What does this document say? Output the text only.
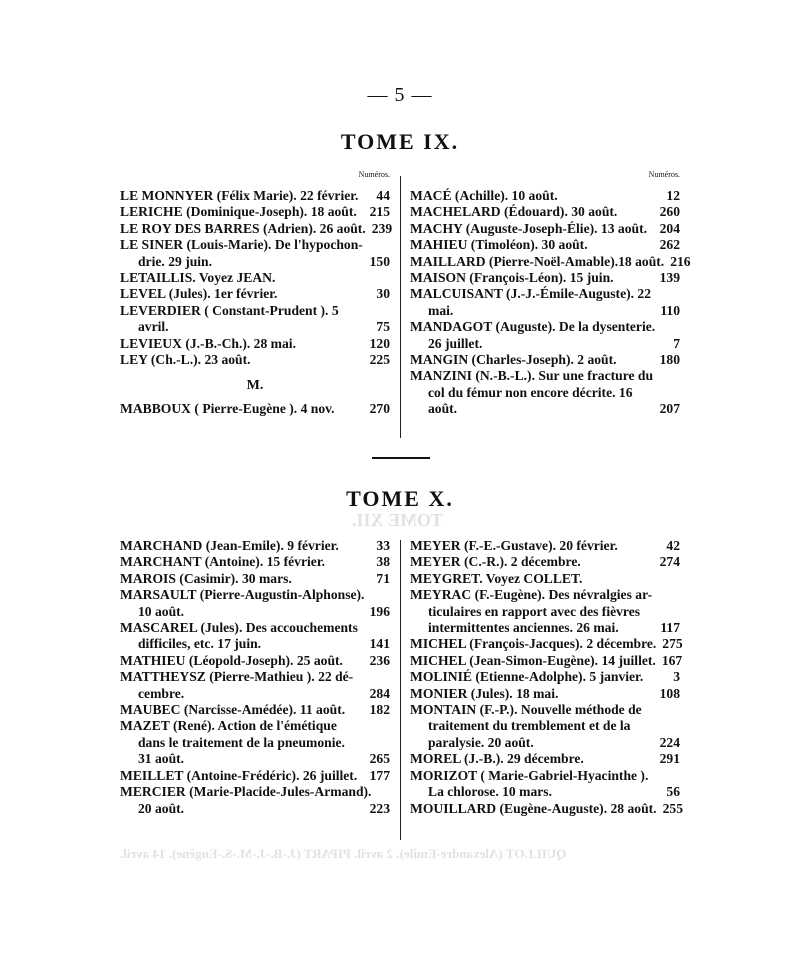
TOME XII.
QUILLOT (Alexandre-Emile). 2 avril. PIPART (J.-B.-J.-M.-S.-Eugène). 14 avril.
— 5 —
TOME IX.
Numéros.
LE MONNYER (Félix Marie). 22 février.	44
LERICHE (Dominique-Joseph). 18 août. 215
LE ROY DES BARRES (Adrien). 26 août. 239
LE SINER (Louis-Marie). De l'hypochon-
drie. 29 juin.	150
LETAILLIS. Voyez JEAN.
LEVEL (Jules). 1er février.	30
LEVERDIER ( Constant-Prudent ). 5
avril.	75
LEVIEUX (J.-B.-Ch.). 28 mai.	120
LEY (Ch.-L.). 23 août.	225
M.
MABBOUX ( Pierre-Eugène ). 4 nov.	270
Numéros.
MACÉ (Achille). 10 août.	12
MACHELARD (Édouard). 30 août.	260
MACHY (Auguste-Joseph-Élie). 13 août. 204
MAHIEU (Timoléon). 30 août.	262
MAILLARD (Pierre-Noël-Amable).18 août. 216
MAISON (François-Léon). 15 juin.	139
MALCUISANT (J.-J.-Émile-Auguste). 22
mai.	110
MANDAGOT (Auguste). De la dysenterie.
26 juillet.	7
MANGIN (Charles-Joseph). 2 août.	180
MANZINI (N.-B.-L.). Sur une fracture du
col du fémur non encore décrite. 16
août.	207
TOME X.
MARCHAND (Jean-Emile). 9 février.	33
MARCHANT (Antoine). 15 février.	38
MAROIS (Casimir). 30 mars.	71
MARSAULT (Pierre-Augustin-Alphonse).
10 août.	196
MASCAREL (Jules). Des accouchements
difficiles, etc. 17 juin.	141
MATHIEU (Léopold-Joseph). 25 août.	236
MATTHEYSZ (Pierre-Mathieu ). 22 dé-
cembre.	284
MAUBEC (Narcisse-Amédée). 11 août.	182
MAZET (René). Action de l'émétique
dans le traitement de la pneumonie.
31 août.	265
MEILLET (Antoine-Frédéric). 26 juillet. 177
MERCIER (Marie-Placide-Jules-Armand).
20 août.	223
MEYER (F.-E.-Gustave). 20 février.	42
MEYER (C.-R.). 2 décembre.	274
MEYGRET. Voyez COLLET.
MEYRAC (F.-Eugène). Des névralgies ar-
ticulaires en rapport avec des fièvres
intermittentes anciennes. 26 mai.	117
MICHEL (François-Jacques). 2 décembre. 275
MICHEL (Jean-Simon-Eugène). 14 juillet. 167
MOLINIÉ (Etienne-Adolphe). 5 janvier.	3
MONIER (Jules). 18 mai.	108
MONTAIN (F.-P.). Nouvelle méthode de
traitement du tremblement et de la
paralysie. 20 août.	224
MOREL (J.-B.). 29 décembre.	291
MORIZOT ( Marie-Gabriel-Hyacinthe ).
La chlorose. 10 mars.	56
MOUILLARD (Eugène-Auguste). 28 août. 255
